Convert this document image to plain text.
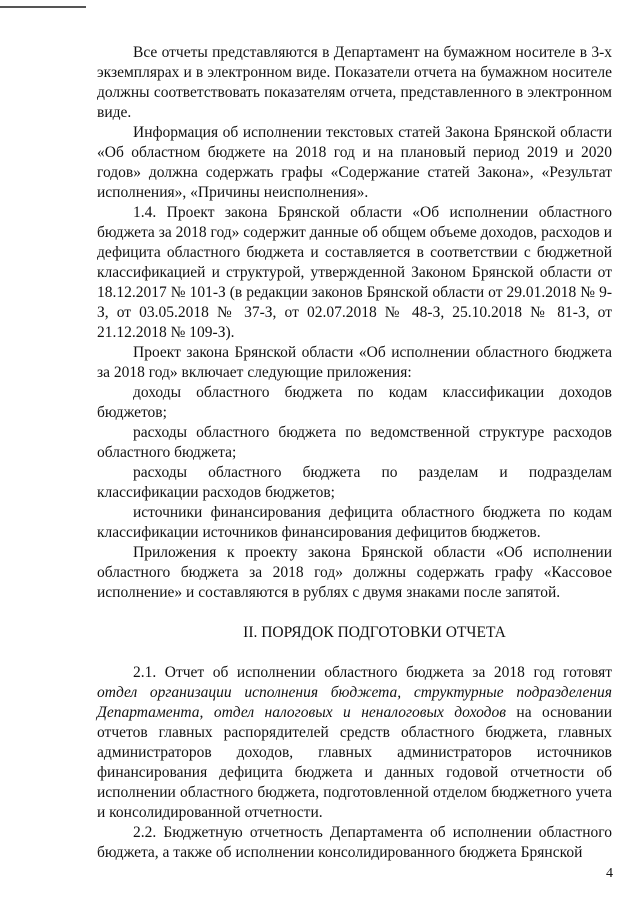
Все отчеты представляются в Департамент на бумажном носителе в 3-х экземплярах и в электронном виде. Показатели отчета на бумажном носителе должны соответствовать показателям отчета, представленного в электронном виде.

Информация об исполнении текстовых статей Закона Брянской области «Об областном бюджете на 2018 год и на плановый период 2019 и 2020 годов» должна содержать графы «Содержание статей Закона», «Результат исполнения», «Причины неисполнения».

1.4. Проект закона Брянской области «Об исполнении областного бюджета за 2018 год» содержит данные об общем объеме доходов, расходов и дефицита областного бюджета и составляется в соответствии с бюджетной классификацией и структурой, утвержденной Законом Брянской области от 18.12.2017 № 101-З (в редакции законов Брянской области от 29.01.2018 № 9-З, от 03.05.2018 № 37-З, от 02.07.2018 № 48-З, 25.10.2018 № 81-З, от 21.12.2018 № 109-З).

Проект закона Брянской области «Об исполнении областного бюджета за 2018 год» включает следующие приложения:

доходы областного бюджета по кодам классификации доходов бюджетов;

расходы областного бюджета по ведомственной структуре расходов областного бюджета;

расходы областного бюджета по разделам и подразделам классификации расходов бюджетов;

источники финансирования дефицита областного бюджета по кодам классификации источников финансирования дефицитов бюджетов.

Приложения к проекту закона Брянской области «Об исполнении областного бюджета за 2018 год» должны содержать графу «Кассовое исполнение» и составляются в рублях с двумя знаками после запятой.

II. ПОРЯДОК ПОДГОТОВКИ ОТЧЕТА

2.1. Отчет об исполнении областного бюджета за 2018 год готовят отдел организации исполнения бюджета, структурные подразделения Департамента, отдел налоговых и неналоговых доходов на основании отчетов главных распорядителей средств областного бюджета, главных администраторов доходов, главных администраторов источников финансирования дефицита бюджета и данных годовой отчетности об исполнении областного бюджета, подготовленной отделом бюджетного учета и консолидированной отчетности.

2.2. Бюджетную отчетность Департамента об исполнении областного бюджета, а также об исполнении консолидированного бюджета Брянской

4
